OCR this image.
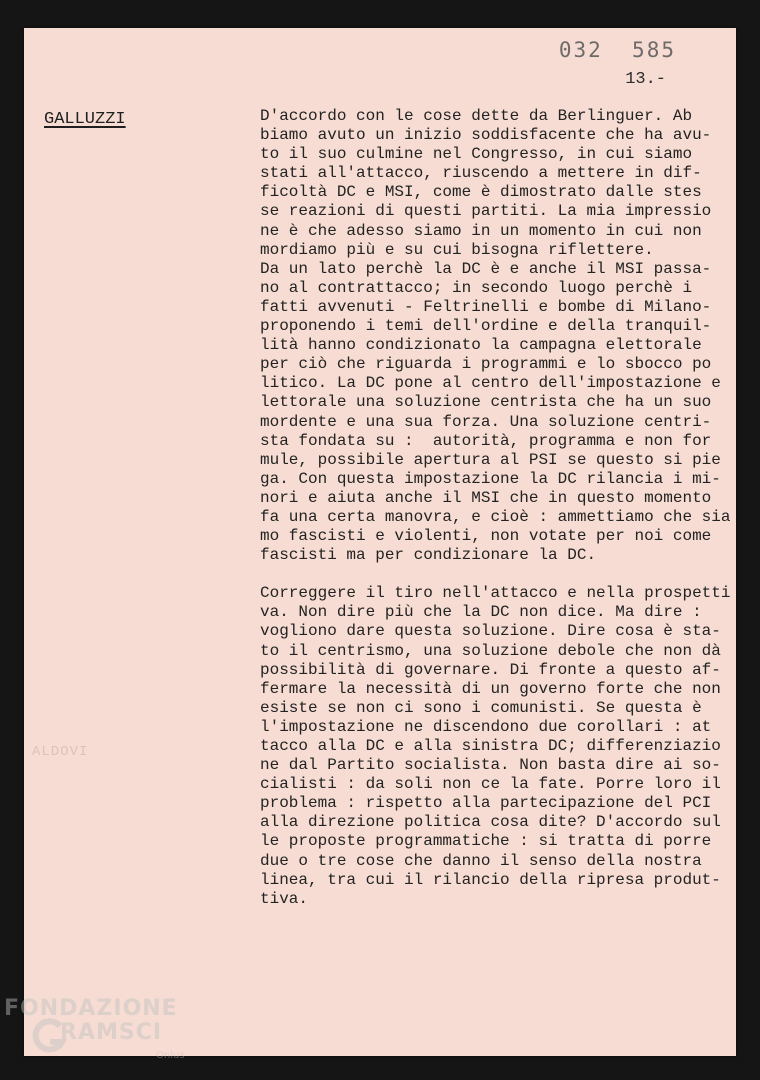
032  585
13.-
GALLUZZI
ALDOVI
D'accordo con le cose dette da Berlinguer. Ab
biamo avuto un inizio soddisfacente che ha avu-
to il suo culmine nel Congresso, in cui siamo
stati all'attacco, riuscendo a mettere in dif-
ficoltà DC e MSI, come è dimostrato dalle stes
se reazioni di questi partiti. La mia impressio
ne è che adesso siamo in un momento in cui non
mordiamo più e su cui bisogna riflettere.
Da un lato perchè la DC è e anche il MSI passa-
no al contrattacco; in secondo luogo perchè i
fatti avvenuti - Feltrinelli e bombe di Milano-
proponendo i temi dell'ordine e della tranquil-
lità hanno condizionato la campagna elettorale
per ciò che riguarda i programmi e lo sbocco po
litico. La DC pone al centro dell'impostazione e
lettorale una soluzione centrista che ha un suo
mordente e una sua forza. Una soluzione centri-
sta fondata su :  autorità, programma e non for
mule, possibile apertura al PSI se questo si pie
ga. Con questa impostazione la DC rilancia i mi-
nori e aiuta anche il MSI che in questo momento
fa una certa manovra, e cioè : ammettiamo che sia
mo fascisti e violenti, non votate per noi come
fascisti ma per condizionare la DC.
Correggere il tiro nell'attacco e nella prospetti
va. Non dire più che la DC non dice. Ma dire :
vogliono dare questa soluzione. Dire cosa è sta-
to il centrismo, una soluzione debole che non dà
possibilità di governare. Di fronte a questo af-
fermare la necessità di un governo forte che non
esiste se non ci sono i comunisti. Se questa è
l'impostazione ne discendono due corollari : at
tacco alla DC e alla sinistra DC; differenziazio
ne dal Partito socialista. Non basta dire ai so-
cialisti : da soli non ce la fate. Porre loro il
problema : rispetto alla partecipazione del PCI
alla direzione politica cosa dite? D'accordo sul
le proposte programmatiche : si tratta di porre
due o tre cose che danno il senso della nostra
linea, tra cui il rilancio della ripresa produt-
tiva.
FONDAZIONE
RAMSCI
Onlus
